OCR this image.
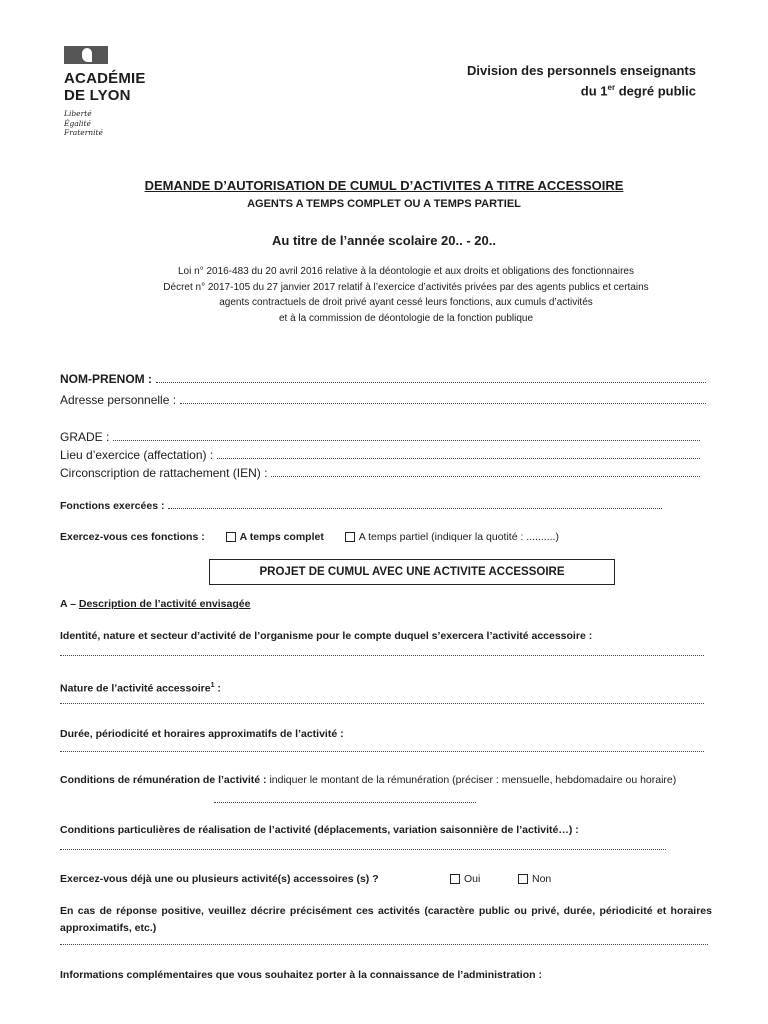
ACADÉMIE
DE LYON
Liberté
Égalité
Fraternité
Division des personnels enseignants
du 1er degré public
DEMANDE D’AUTORISATION DE CUMUL D’ACTIVITES A TITRE ACCESSOIRE
AGENTS A TEMPS COMPLET OU A TEMPS PARTIEL
Au titre de l’année scolaire 20.. - 20..
Loi n° 2016-483 du 20 avril 2016 relative à la déontologie et aux droits et obligations des fonctionnaires
Décret n° 2017-105 du 27 janvier 2017 relatif à l’exercice d’activités privées par des agents publics et certains
agents contractuels de droit privé ayant cessé leurs fonctions, aux cumuls d’activités
et à la commission de déontologie de la fonction publique
NOM-PRENOM :
Adresse personnelle :
GRADE :
Lieu d’exercice (affectation) :
Circonscription de rattachement (IEN) :
Fonctions exercées :
Exercez-vous ces fonctions :	A temps complet	A temps partiel (indiquer la quotité : ..........)
PROJET DE CUMUL AVEC UNE ACTIVITE ACCESSOIRE
A – Description de l’activité envisagée
Identité, nature et secteur d’activité de l’organisme pour le compte duquel s’exercera l’activité accessoire :
Nature de l’activité accessoire$^1$ :
Durée, périodicité et horaires approximatifs de l’activité :
Conditions de rémunération de l’activité : indiquer le montant de la rémunération (préciser : mensuelle, hebdomadaire ou horaire)
Conditions particulières de réalisation de l’activité (déplacements, variation saisonnière de l’activité…) :
Exercez-vous déjà une ou plusieurs activité(s) accessoires (s) ?	Oui	Non
En cas de réponse positive, veuillez décrire précisément ces activités (caractère public ou privé, durée, périodicité et horaires approximatifs, etc.)
Informations complémentaires que vous souhaitez porter à la connaissance de l’administration :
